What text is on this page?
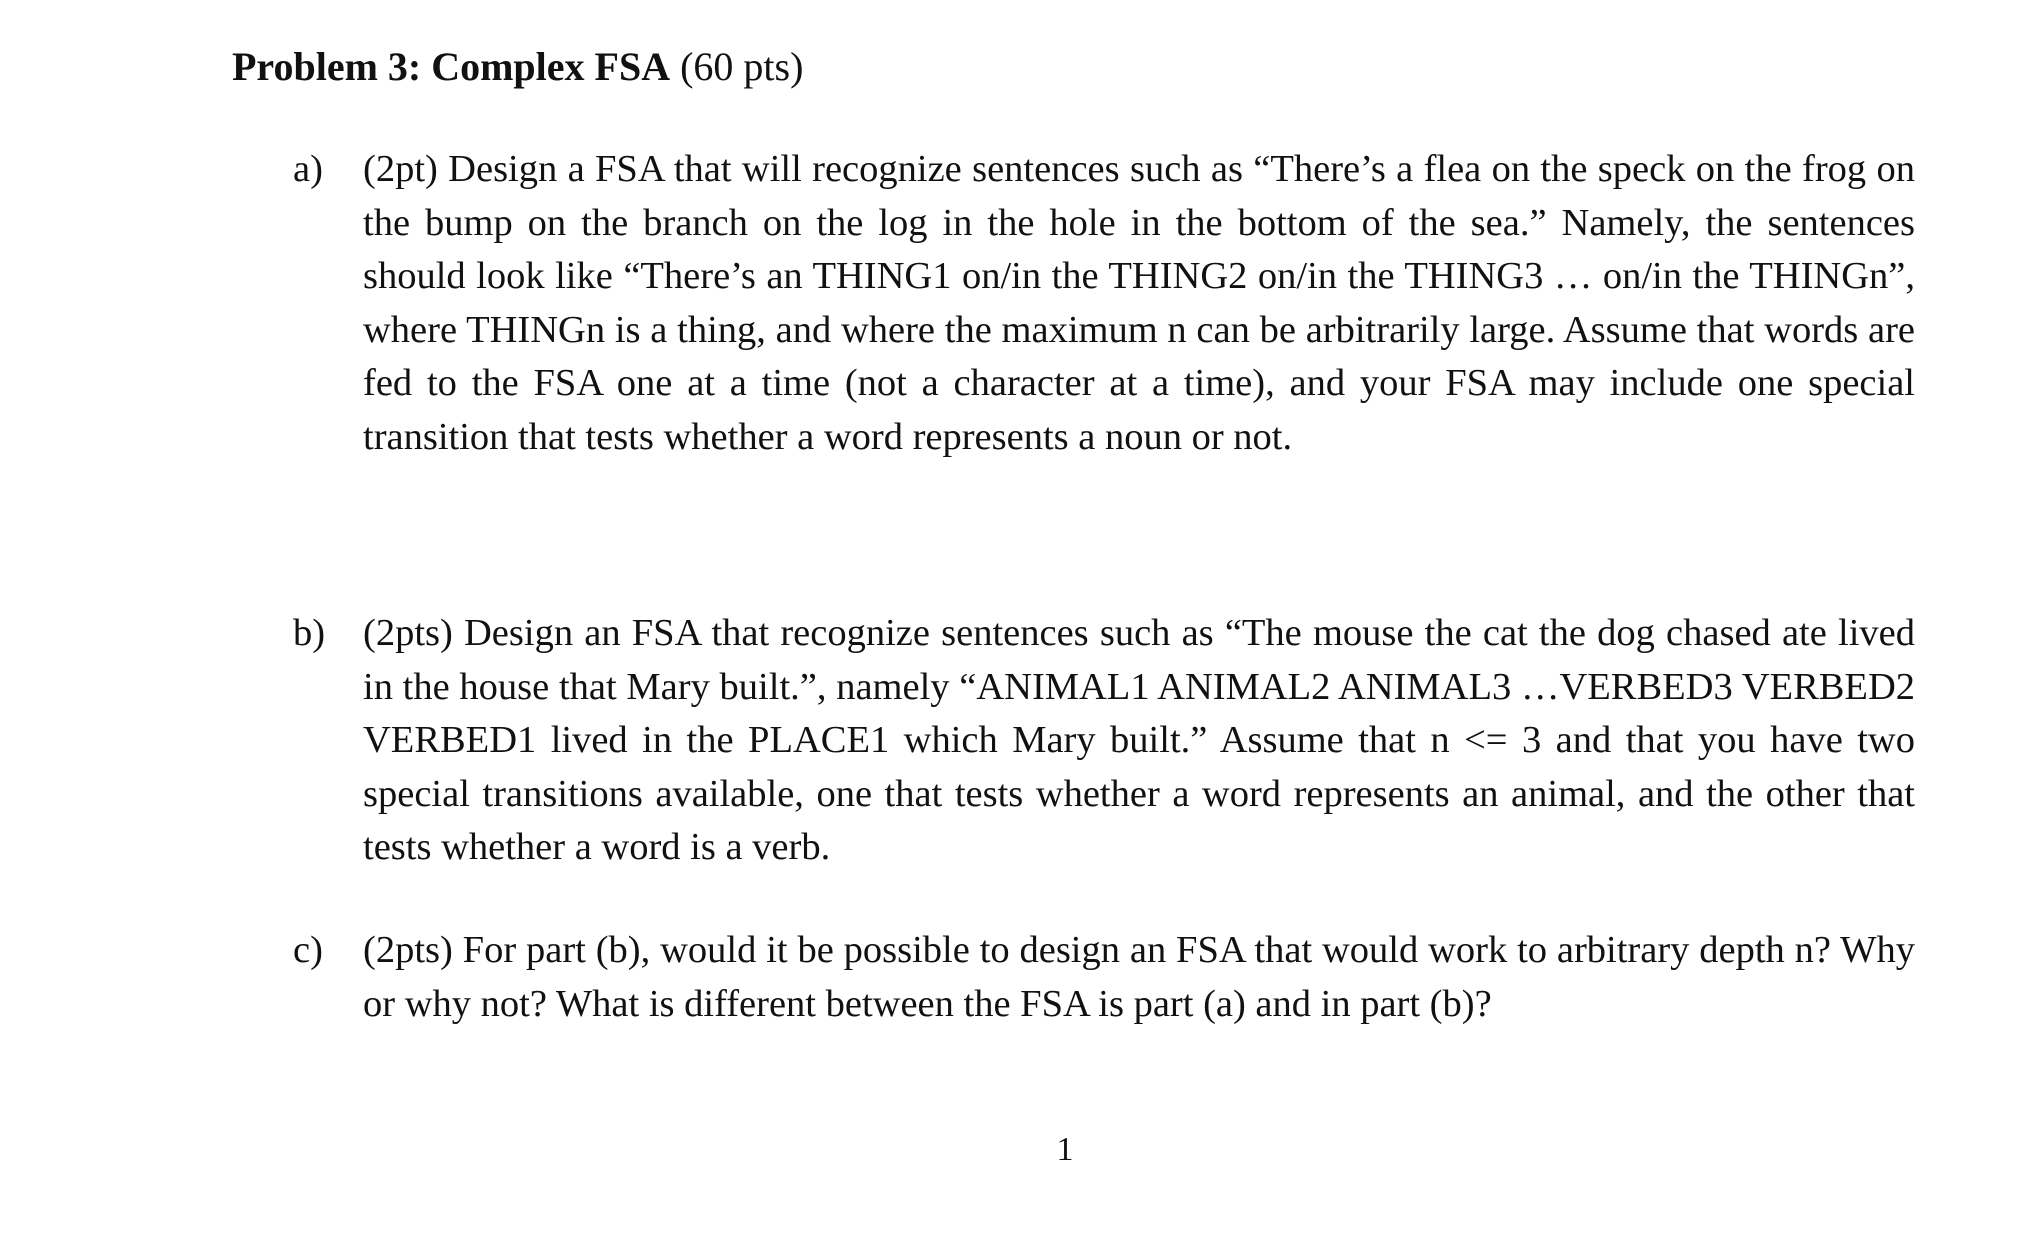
Problem 3: Complex FSA (60 pts)
a)	(2pt) Design a FSA that will recognize sentences such as “There’s a flea on the speck on the frog on the bump on the branch on the log in the hole in the bottom of the sea.” Namely, the sentences should look like “There’s an THING1 on/in the THING2 on/in the THING3 … on/in the THINGn”, where THINGn is a thing, and where the maximum n can be arbitrarily large. Assume that words are fed to the FSA one at a time (not a character at a time), and your FSA may include one special transition that tests whether a word represents a noun or not.
b) (2pts) Design an FSA that recognize sentences such as “The mouse the cat the dog chased ate lived in the house that Mary built.”, namely “ANIMAL1 ANIMAL2 ANIMAL3 …VERBED3 VERBED2 VERBED1 lived in the PLACE1 which Mary built.” Assume that n <= 3 and that you have two special transitions available, one that tests whether a word represents an animal, and the other that tests whether a word is a verb.
c)	(2pts) For part (b), would it be possible to design an FSA that would work to arbitrary depth n? Why or why not? What is different between the FSA is part (a) and in part (b)?
1
